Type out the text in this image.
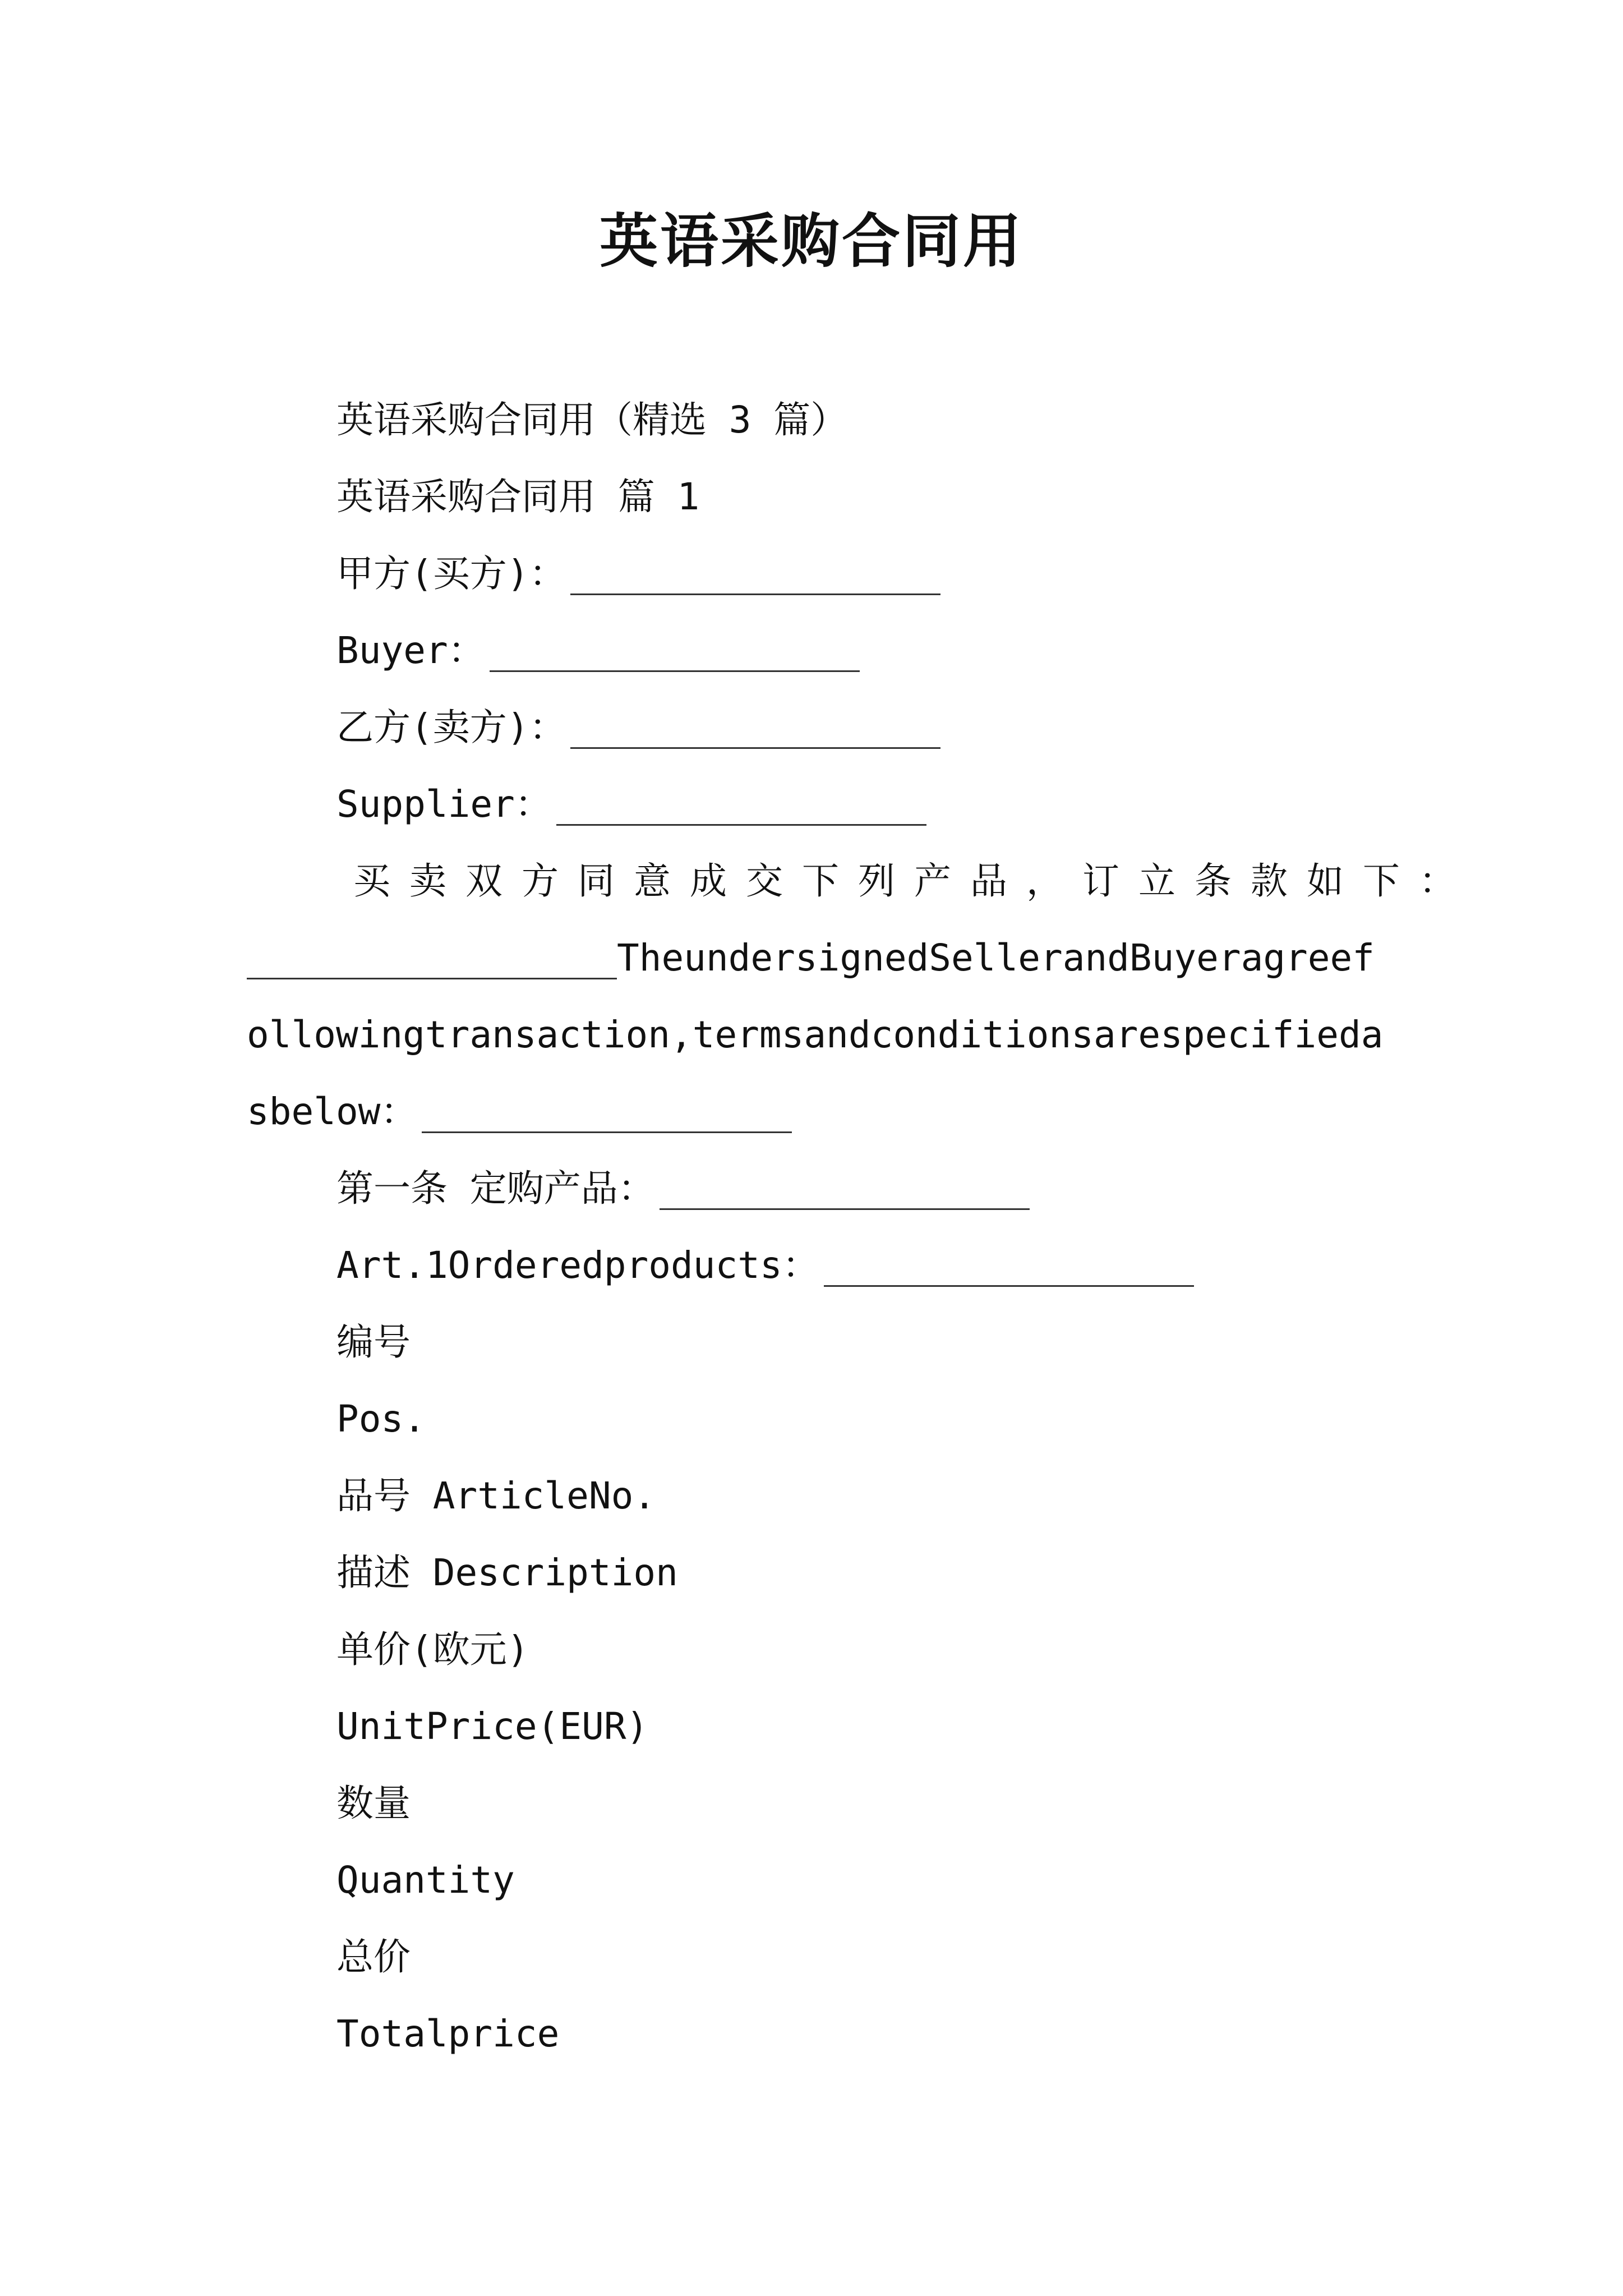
英语采购合同用
英语采购合同用（精选 3 篇）
英语采购合同用 篇 1
甲方(买方)：
Buyer：
乙方(卖方)：
Supplier：
买卖双方同意成交下列产品，订立条款如下：
TheundersignedSellerandBuyeragreef
ollowingtransaction,termsandconditionsarespecifieda
sbelow：
第一条 定购产品：
Art.1Orderedproducts：
编号
Pos.
品号 ArticleNo.
描述 Description
单价(欧元)
UnitPrice(EUR)
数量
Quantity
总价
Totalprice
